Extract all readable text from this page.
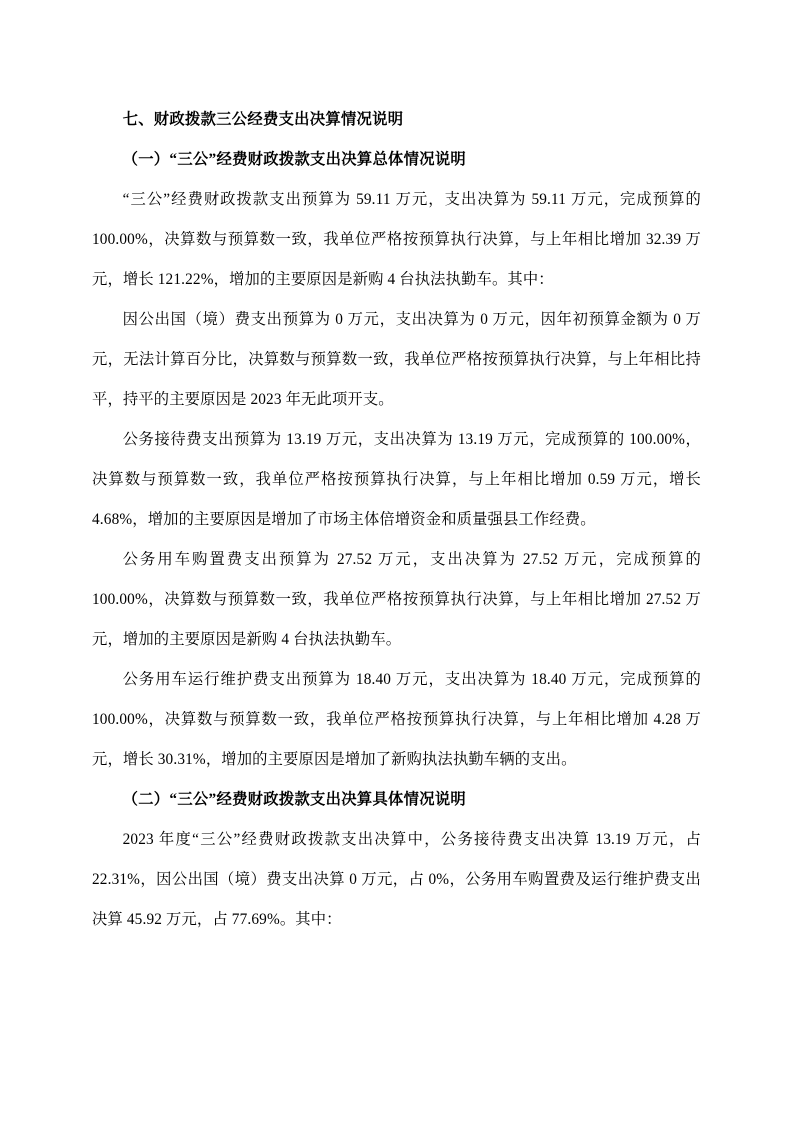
七、财政拨款三公经费支出决算情况说明

（一）“三公”经费财政拨款支出决算总体情况说明

“三公”经费财政拨款支出预算为 59.11 万元，支出决算为 59.11 万元，完成预算的 100.00%，决算数与预算数一致，我单位严格按预算执行决算，与上年相比增加 32.39 万元，增长 121.22%，增加的主要原因是新购 4 台执法执勤车。其中：

因公出国（境）费支出预算为 0 万元，支出决算为 0 万元，因年初预算金额为 0 万元，无法计算百分比，决算数与预算数一致，我单位严格按预算执行决算，与上年相比持平，持平的主要原因是 2023 年无此项开支。

公务接待费支出预算为 13.19 万元，支出决算为 13.19 万元，完成预算的 100.00%，决算数与预算数一致，我单位严格按预算执行决算，与上年相比增加 0.59 万元，增长 4.68%，增加的主要原因是增加了市场主体倍增资金和质量强县工作经费。

公务用车购置费支出预算为 27.52 万元，支出决算为 27.52 万元，完成预算的 100.00%，决算数与预算数一致，我单位严格按预算执行决算，与上年相比增加 27.52 万元，增加的主要原因是新购 4 台执法执勤车。

公务用车运行维护费支出预算为 18.40 万元，支出决算为 18.40 万元，完成预算的 100.00%，决算数与预算数一致，我单位严格按预算执行决算，与上年相比增加 4.28 万元，增长 30.31%，增加的主要原因是增加了新购执法执勤车辆的支出。

（二）“三公”经费财政拨款支出决算具体情况说明

2023 年度“三公”经费财政拨款支出决算中，公务接待费支出决算 13.19 万元，占 22.31%，因公出国（境）费支出决算 0 万元，占 0%，公务用车购置费及运行维护费支出决算 45.92 万元，占 77.69%。其中：
